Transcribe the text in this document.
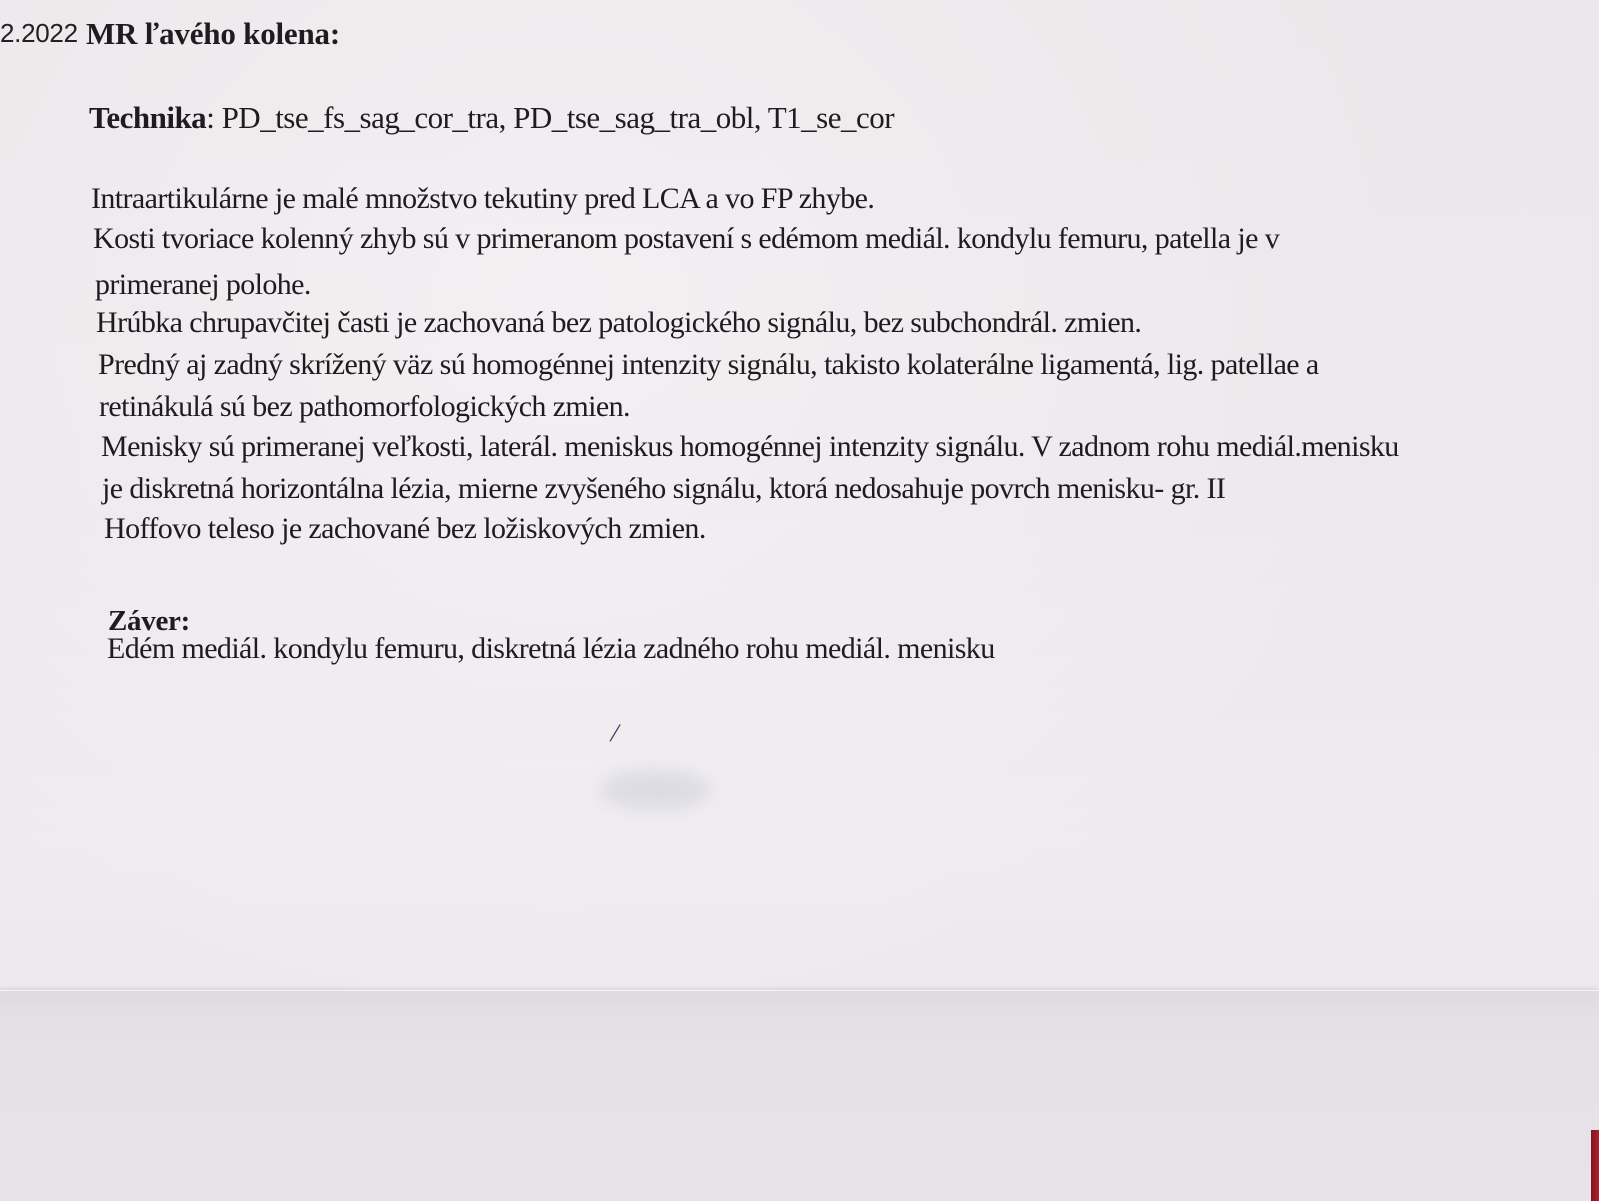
/
2.2022 MR ľavého kolena:
Technika: PD_tse_fs_sag_cor_tra, PD_tse_sag_tra_obl, T1_se_cor
Intraartikulárne je malé množstvo tekutiny pred LCA a vo FP zhybe.
Kosti tvoriace kolenný zhyb sú v primeranom postavení s edémom mediál. kondylu femuru, patella je v
primeranej polohe.
Hrúbka chrupavčitej časti je zachovaná bez patologického signálu, bez subchondrál. zmien.
Predný aj zadný skrížený väz sú homogénnej intenzity signálu, takisto kolaterálne ligamentá, lig. patellae a
retinákulá sú bez pathomorfologických zmien.
Menisky sú primeranej veľkosti, laterál. meniskus homogénnej intenzity signálu. V zadnom rohu mediál.menisku
je diskretná horizontálna lézia, mierne zvyšeného signálu, ktorá nedosahuje povrch menisku- gr. II
Hoffovo teleso je zachované bez ložiskových zmien.
Záver:
Edém mediál. kondylu femuru, diskretná lézia zadného rohu mediál. menisku
